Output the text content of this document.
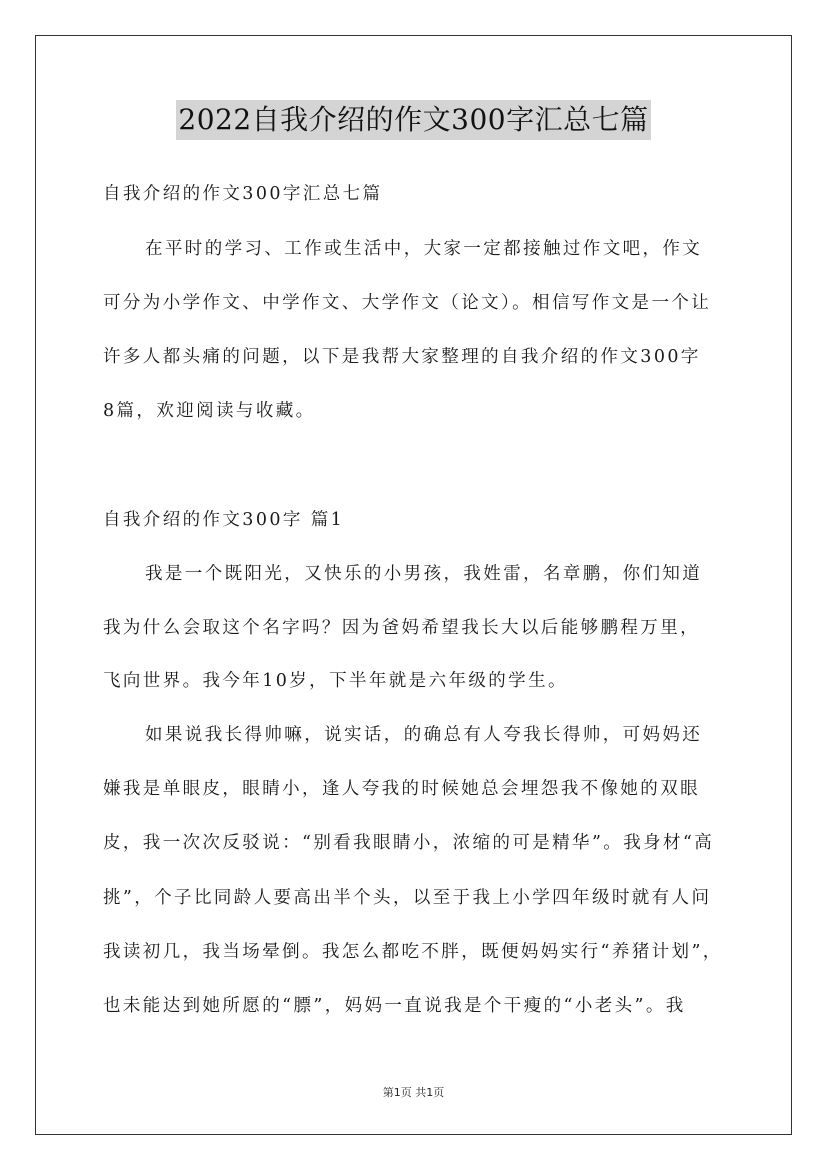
2022自我介绍的作文300字汇总七篇
自我介绍的作文300字汇总七篇
在平时的学习、工作或生活中，大家一定都接触过作文吧，作文
可分为小学作文、中学作文、大学作文（论文）。相信写作文是一个让
许多人都头痛的问题，以下是我帮大家整理的自我介绍的作文300字
8篇，欢迎阅读与收藏。
自我介绍的作文300字 篇1
我是一个既阳光，又快乐的小男孩，我姓雷，名章鹏，你们知道
我为什么会取这个名字吗？因为爸妈希望我长大以后能够鹏程万里，
飞向世界。我今年10岁，下半年就是六年级的学生。
如果说我长得帅嘛，说实话，的确总有人夸我长得帅，可妈妈还
嫌我是单眼皮，眼睛小，逢人夸我的时候她总会埋怨我不像她的双眼
皮，我一次次反驳说：“别看我眼睛小，浓缩的可是精华”。我身材“高
挑”，个子比同龄人要高出半个头，以至于我上小学四年级时就有人问
我读初几，我当场晕倒。我怎么都吃不胖，既便妈妈实行“养猪计划”，
也未能达到她所愿的“膘”，妈妈一直说我是个干瘦的“小老头”。我
第1页 共1页
